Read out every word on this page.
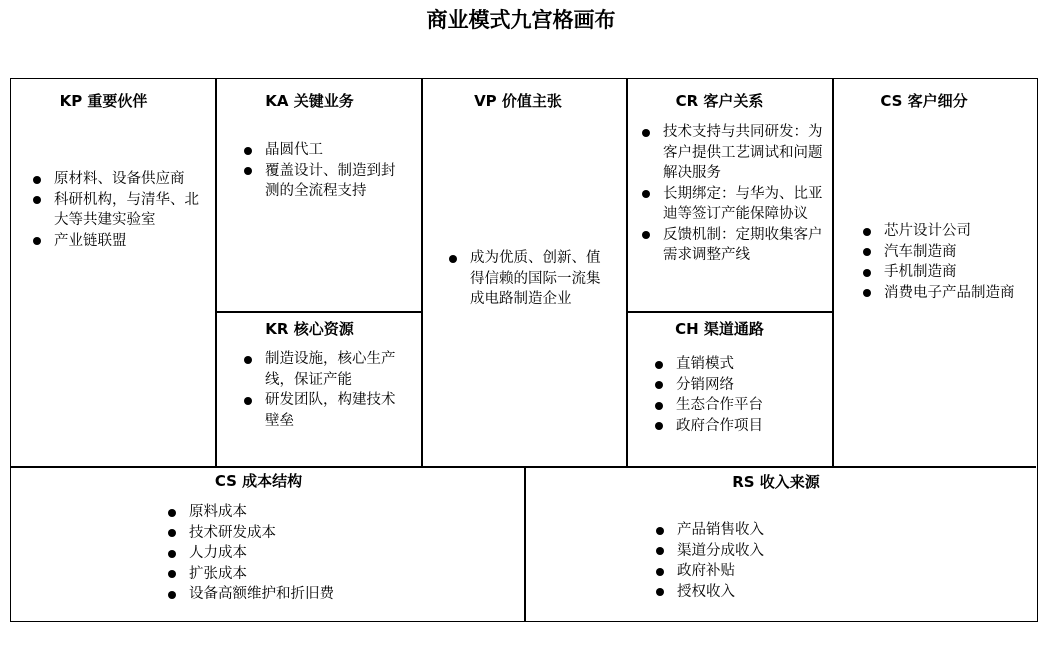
商业模式九宫格画布
KP 重要伙伴
原材料、设备供应商
科研机构，与清华、北大等共建实验室
产业链联盟
KA 关键业务
晶圆代工
覆盖设计、制造到封测的全流程支持
KR 核心资源
制造设施，核心生产线，保证产能
研发团队，构建技术壁垒
VP 价值主张
成为优质、创新、值得信赖的国际一流集成电路制造企业
CR 客户关系
技术支持与共同研发：为客户提供工艺调试和问题解决服务
长期绑定：与华为、比亚迪等签订产能保障协议
反馈机制：定期收集客户需求调整产线
CH 渠道通路
直销模式
分销网络
生态合作平台
政府合作项目
CS 客户细分
芯片设计公司
汽车制造商
手机制造商
消费电子产品制造商
CS 成本结构
原料成本
技术研发成本
人力成本
扩张成本
设备高额维护和折旧费
RS 收入来源
产品销售收入
渠道分成收入
政府补贴
授权收入
